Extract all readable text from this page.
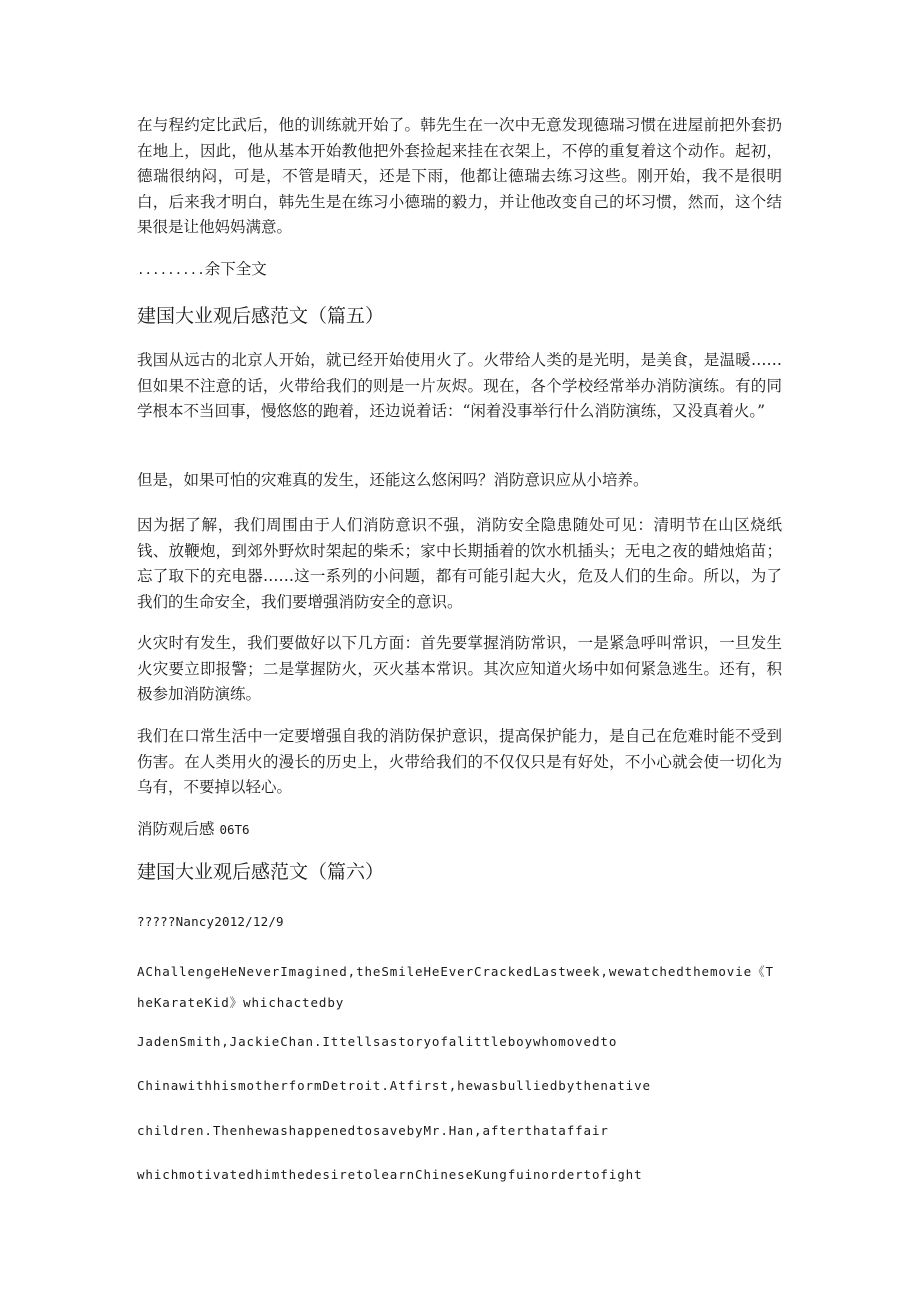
在与程约定比武后，他的训练就开始了。韩先生在一次中无意发现德瑞习惯在进屋前把外套扔在地上，因此，他从基本开始教他把外套捡起来挂在衣架上，不停的重复着这个动作。起初，德瑞很纳闷，可是，不管是晴天，还是下雨，他都让德瑞去练习这些。刚开始，我不是很明白，后来我才明白，韩先生是在练习小德瑞的毅力，并让他改变自己的坏习惯，然而，这个结果很是让他妈妈满意。

.........余下全文

建国大业观后感范文（篇五）

我国从远古的北京人开始，就已经开始使用火了。火带给人类的是光明，是美食，是温暖……但如果不注意的话，火带给我们的则是一片灰烬。现在，各个学校经常举办消防演练。有的同学根本不当回事，慢悠悠的跑着，还边说着话：“闲着没事举行什么消防演练，又没真着火。”

但是，如果可怕的灾难真的发生，还能这么悠闲吗？消防意识应从小培养。

因为据了解，我们周围由于人们消防意识不强，消防安全隐患随处可见：清明节在山区烧纸钱、放鞭炮，到郊外野炊时架起的柴禾；家中长期插着的饮水机插头；无电之夜的蜡烛焰苗；忘了取下的充电器……这一系列的小问题，都有可能引起大火，危及人们的生命。所以，为了我们的生命安全，我们要增强消防安全的意识。

火灾时有发生，我们要做好以下几方面：首先要掌握消防常识，一是紧急呼叫常识，一旦发生火灾要立即报警；二是掌握防火，灭火基本常识。其次应知道火场中如何紧急逃生。还有，积极参加消防演练。

我们在口常生活中一定要增强自我的消防保护意识，提高保护能力，是自己在危难时能不受到伤害。在人类用火的漫长的历史上，火带给我们的不仅仅只是有好处，不小心就会使一切化为乌有，不要掉以轻心。

消防观后感 06T6

建国大业观后感范文（篇六）

?????Nancy2012/12/9

AChallengeHeNeverImagined,theSmileHeEverCrackedLastweek,wewatchedthemovie《TheKarateKid》whichactedby

JadenSmith,JackieChan.Ittellsastoryofalittleboywhomovedto

ChinawithhismotherformDetroit.Atfirst,hewasbulliedbythenative

children.ThenhewashappenedtosavebyMr.Han,afterthataffair

whichmotivatedhimthedesiretolearnChineseKungfuinordertofight
